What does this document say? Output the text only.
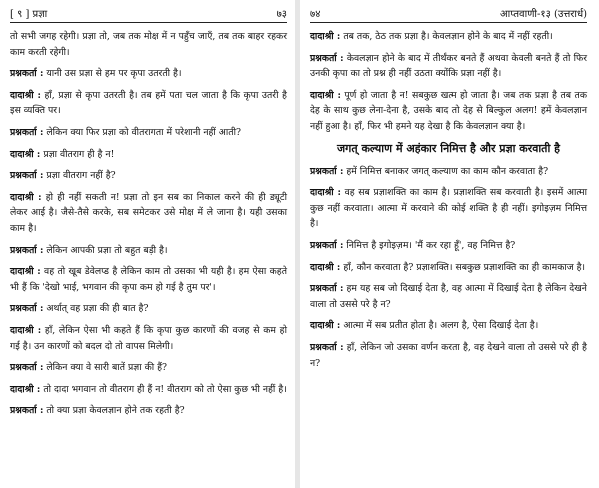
[ ९ ] प्रज्ञा	७३

तो सभी जगह रहेगी। प्रज्ञा तो, जब तक मोक्ष में न पहुँच जाएँ, तब तक बाहर रहकर काम करती रहेगी।

प्रश्नकर्ता : यानी उस प्रज्ञा से हम पर कृपा उतरती है।

दादाश्री : हाँ, प्रज्ञा से कृपा उतरती है। तब हमें पता चल जाता है कि कृपा उतरी है इस व्यक्ति पर।

प्रश्नकर्ता : लेकिन क्या फिर प्रज्ञा को वीतरागता में परेशानी नहीं आती?

दादाश्री : प्रज्ञा वीतराग ही है न!

प्रश्नकर्ता : प्रज्ञा वीतराग नहीं है?

दादाश्री : हो ही नहीं सकती न! प्रज्ञा तो इन सब का निकाल करने की ही ड्यूटी लेकर आई है। जैसे-तैसे करके, सब समेटकर उसे मोक्ष में ले जाना है। यही उसका काम है।

प्रश्नकर्ता : लेकिन आपकी प्रज्ञा तो बहुत बड़ी है।

दादाश्री : वह तो खूब डेवेलप्ड है लेकिन काम तो उसका भी यही है। हम ऐसा कहते भी हैं कि 'देखो भाई, भगवान की कृपा कम हो गई है तुम पर'।

प्रश्नकर्ता : अर्थात् वह प्रज्ञा की ही बात है?

दादाश्री : हाँ, लेकिन ऐसा भी कहते हैं कि कृपा कुछ कारणों की वजह से कम हो गई है। उन कारणों को बदल दो तो वापस मिलेगी।

प्रश्नकर्ता : लेकिन क्या वे सारी बातें प्रज्ञा की हैं?

दादाश्री : तो दादा भगवान तो वीतराग ही हैं न! वीतराग को तो ऐसा कुछ भी नहीं है।

प्रश्नकर्ता : तो क्या प्रज्ञा केवलज्ञान होने तक रहती है?

७४	आप्तवाणी-१३ (उत्तरार्ध)

दादाश्री : तब तक, ठेठ तक प्रज्ञा है। केवलज्ञान होने के बाद में नहीं रहती।

प्रश्नकर्ता : केवलज्ञान होने के बाद में तीर्थंकर बनते हैं अथवा केवली बनते हैं तो फिर उनकी कृपा का तो प्रश्न ही नहीं उठता क्योंकि प्रज्ञा नहीं है।

दादाश्री : पूर्ण हो जाता है न! सबकुछ खत्म हो जाता है। जब तक प्रज्ञा है तब तक देह के साथ कुछ लेना-देना है, उसके बाद तो देह से बिल्कुल अलग! हमें केवलज्ञान नहीं हुआ है। हाँ, फिर भी हमने यह देखा है कि केवलज्ञान क्या है।

जगत् कल्याण में अहंकार निमित्त है और प्रज्ञा करवाती है

प्रश्नकर्ता : हमें निमित्त बनाकर जगत् कल्याण का काम कौन करवाता है?

दादाश्री : वह सब प्रज्ञाशक्ति का काम है। प्रज्ञाशक्ति सब करवाती है। इसमें आत्मा कुछ नहीं करवाता। आत्मा में करवाने की कोई शक्ति है ही नहीं। इगोइज़म निमित्त है।

प्रश्नकर्ता : निमित्त है इगोइज़म। 'मैं कर रहा हूँ', वह निमित्त है?

दादाश्री : हाँ, कौन करवाता है? प्रज्ञाशक्ति। सबकुछ प्रज्ञाशक्ति का ही कामकाज है।

प्रश्नकर्ता : हम यह सब जो दिखाई देता है, वह आत्मा में दिखाई देता है लेकिन देखने वाला तो उससे परे है न?

दादाश्री : आत्मा में सब प्रतीत होता है। अलग है, ऐसा दिखाई देता है।

प्रश्नकर्ता : हाँ, लेकिन जो उसका वर्णन करता है, वह देखने वाला तो उससे परे ही है न?
